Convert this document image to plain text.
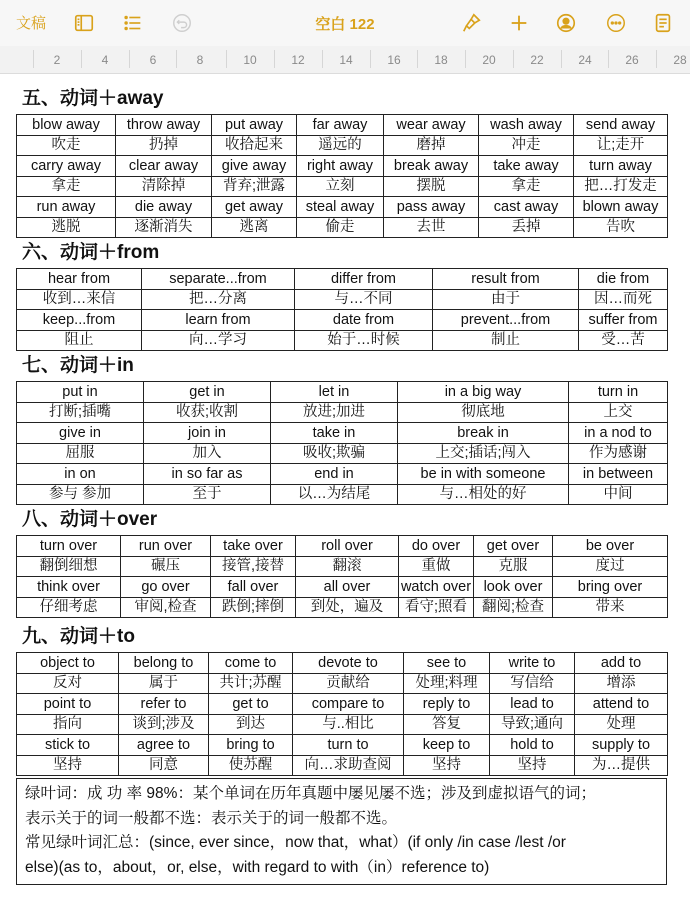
文稿	空白 122
2	4	6	8	10	12	14	16	18	20	22	24	26	28
五、动词＋away
blow away	throw away	put away	far away	wear away	wash away	send away
吹走	扔掉	收拾起来	遥远的	磨掉	冲走	让;走开
carry away	clear away	give away	right away	break away	take away	turn away
拿走	清除掉	背弃;泄露	立刻	摆脱	拿走	把…打发走
run away	die away	get away	steal away	pass away	cast away	blown away
逃脱	逐渐消失	逃离	偷走	去世	丢掉	告吹
六、动词＋from
hear from	separate...from	differ from	result from	die from
收到…来信	把…分离	与…不同	由于	因…而死
keep...from	learn from	date from	prevent...from	suffer from
阻止	向…学习	始于…时候	制止	受…苦
七、动词＋in
put in	get in	let in	in a big way	turn in
打断;插嘴	收获;收割	放进;加进	彻底地	上交
give in	join in	take in	break in	in a nod to
屈服	加入	吸收;欺骗	上交;插话;闯入	作为感谢
in on	in so far as	end in	be in with someone	in between
参与 参加	至于	以…为结尾	与…相处的好	中间
八、动词＋over
turn over	run over	take over	roll over	do over	get over	be over
翻倒细想	碾压	接管,接替	翻滚	重做	克服	度过
think over	go over	fall over	all over	watch over	look over	bring over
仔细考虑	审阅,检查	跌倒;摔倒	到处，遍及	看守;照看	翻阅;检查	带来
九、动词＋to
object to	belong to	come to	devote to	see to	write to	add to
反对	属于	共计;苏醒	贡献给	处理;料理	写信给	增添
point to	refer to	get to	compare to	reply to	lead to	attend to
指向	谈到;涉及	到达	与..相比	答复	导致;通向	处理
stick to	agree to	bring to	turn to	keep to	hold to	supply to
坚持	同意	使苏醒	向…求助查阅	坚持	坚持	为…提供

绿叶词：成 功 率 98%：某个单词在历年真题中屡见屡不选；涉及到虚拟语气的词；

表示关于的词一般都不选：表示关于的词一般都不选。

常见绿叶词汇总：(since, ever since，now that，what）(if only /in case /lest /or

else)(as to，about，or, else，with regard to with（in）reference to)
